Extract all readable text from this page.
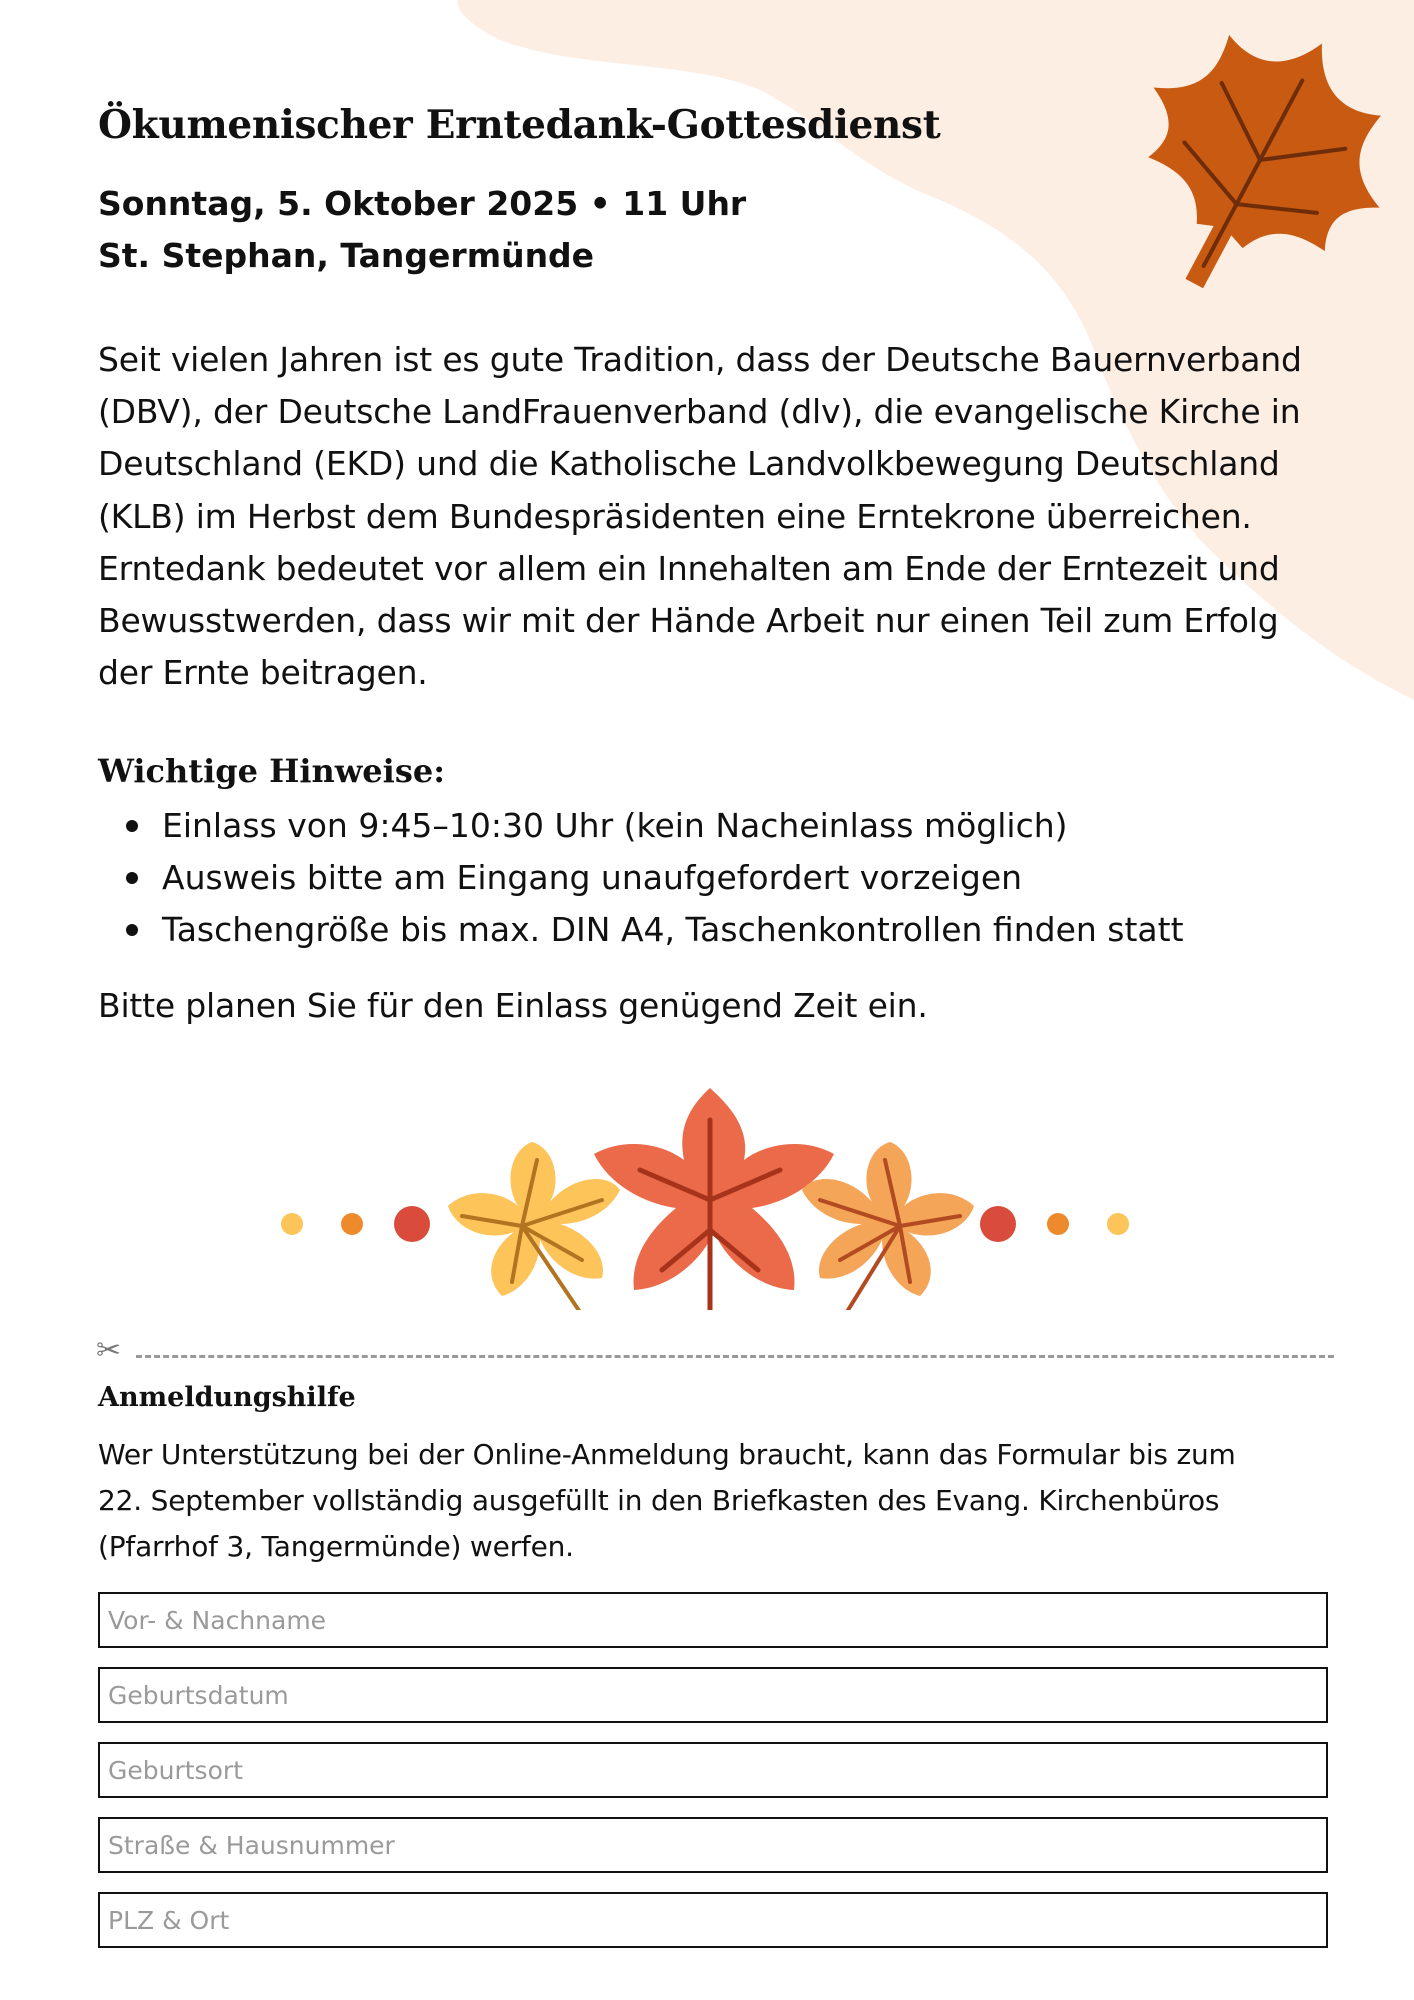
Ökumenischer Erntedank-Gottesdienst
Sonntag, 5. Oktober 2025 • 11 Uhr
St. Stephan, Tangermünde
Seit vielen Jahren ist es gute Tradition, dass der Deutsche Bauernverband
(DBV), der Deutsche LandFrauenverband (dlv), die evangelische Kirche in
Deutschland (EKD) und die Katholische Landvolkbewegung Deutschland
(KLB) im Herbst dem Bundespräsidenten eine Erntekrone überreichen.
Erntedank bedeutet vor allem ein Innehalten am Ende der Erntezeit und
Bewusstwerden, dass wir mit der Hände Arbeit nur einen Teil zum Erfolg
der Ernte beitragen.
Wichtige Hinweise:
Einlass von 9:45–10:30 Uhr (kein Nacheinlass möglich)
Ausweis bitte am Eingang unaufgefordert vorzeigen
Taschengröße bis max. DIN A4, Taschenkontrollen finden statt

Bitte planen Sie für den Einlass genügend Zeit ein.

✂
Anmeldungshilfe
Wer Unterstützung bei der Online-Anmeldung braucht, kann das Formular bis zum
22. September vollständig ausgefüllt in den Briefkasten des Evang. Kirchenbüros
(Pfarrhof 3, Tangermünde) werfen.
Vor- & Nachname
Geburtsdatum
Geburtsort
Straße & Hausnummer
PLZ & Ort
